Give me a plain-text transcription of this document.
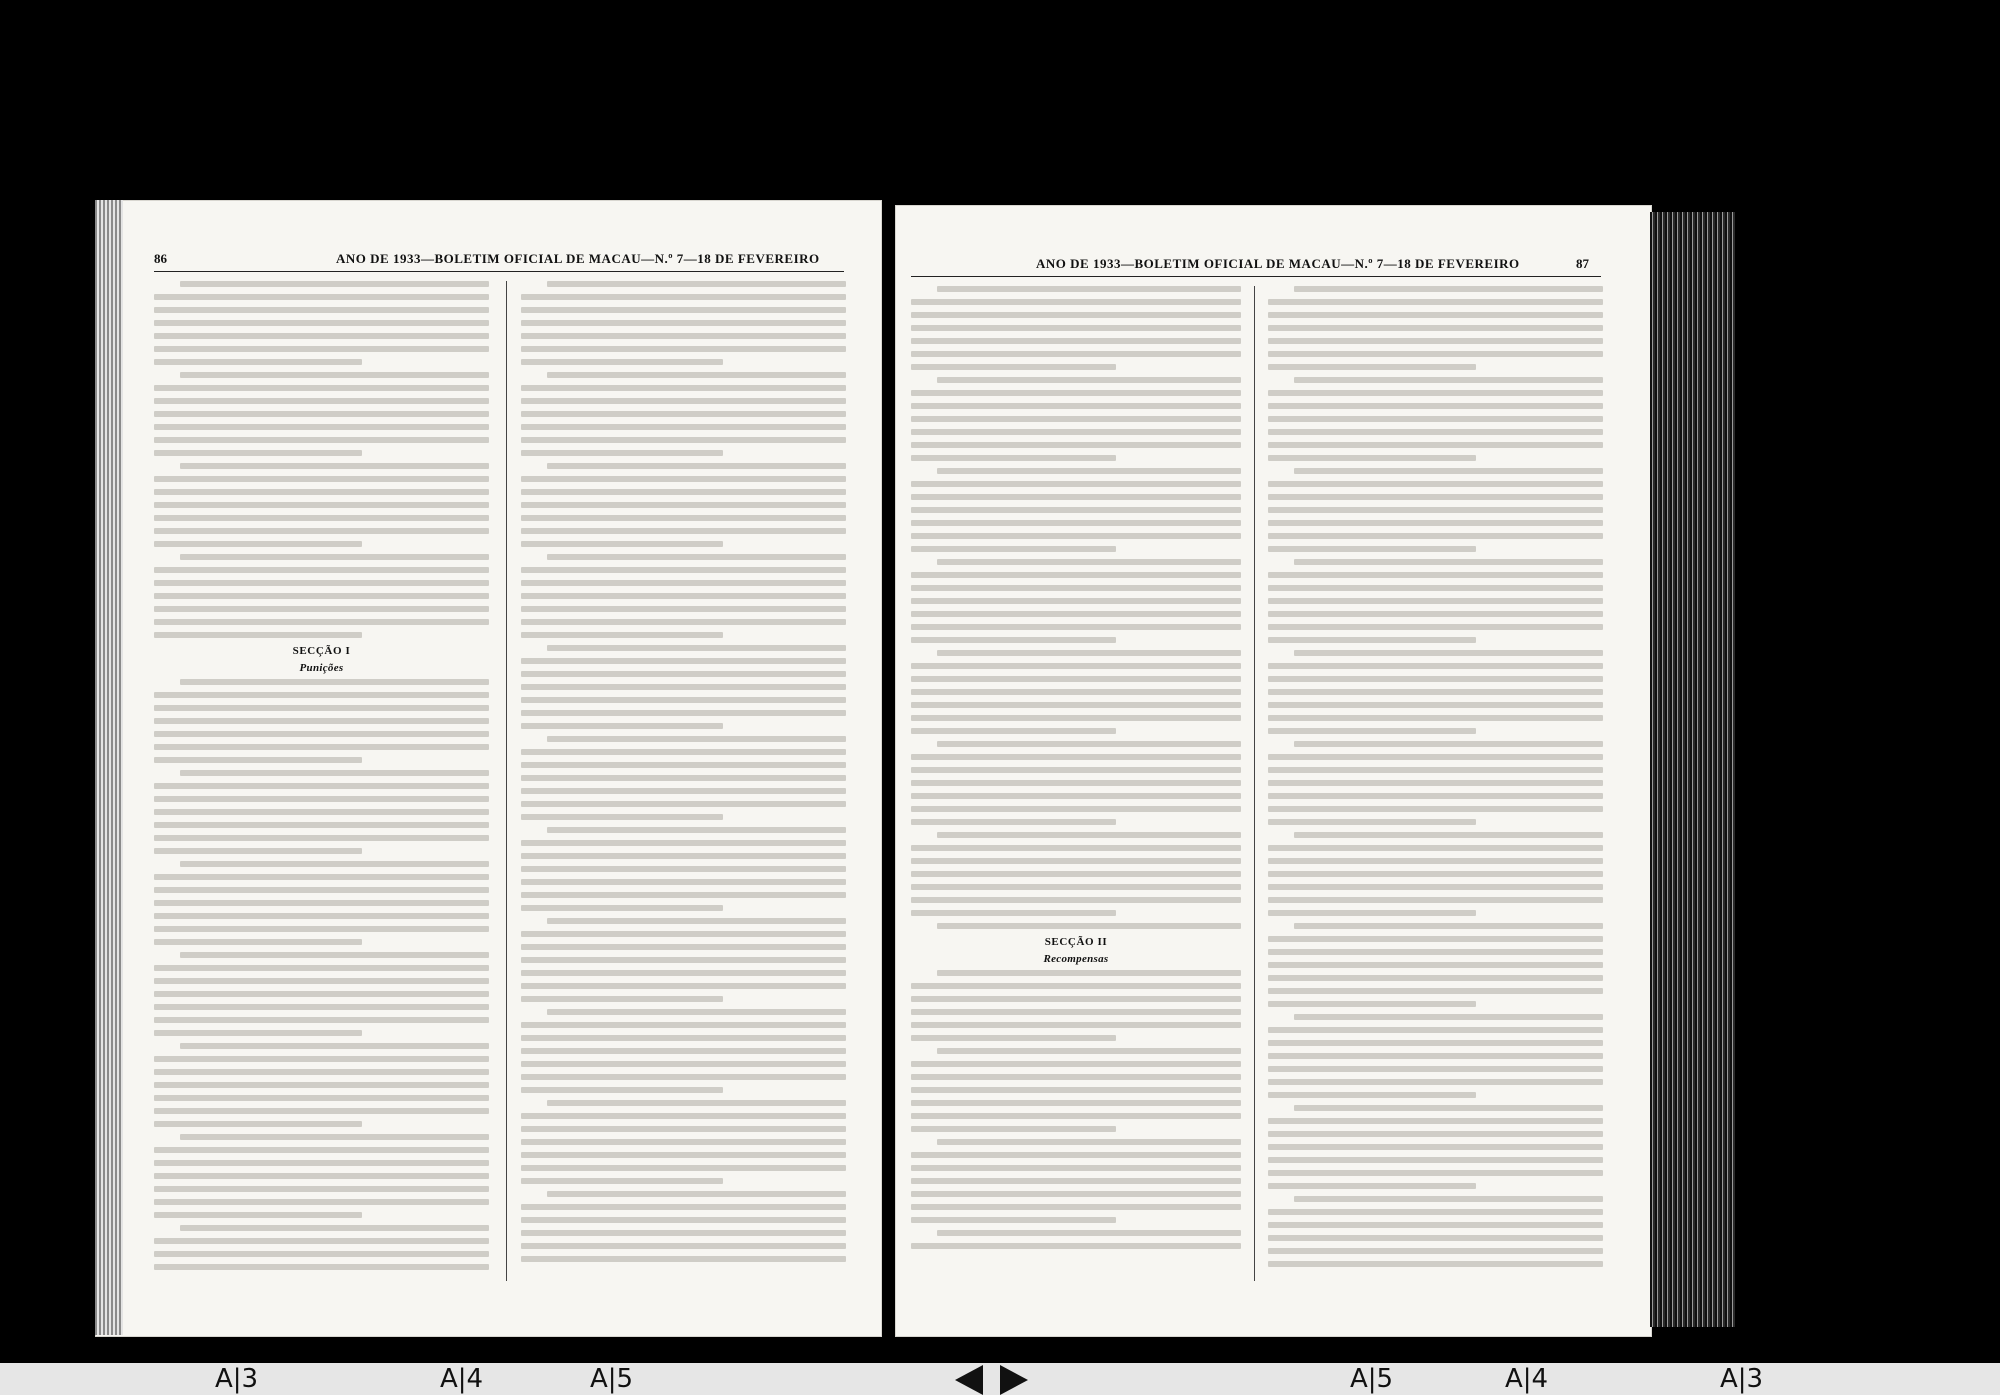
86	ANO DE 1933—BOLETIM OFICIAL DE MACAU—N.º 7—18 DE FEVEREIRO
SECÇÃO I
Punições
ANO DE 1933—BOLETIM OFICIAL DE MACAU—N.º 7—18 DE FEVEREIRO	87
SECÇÃO II
Recompensas
A|3	A|4	A|5	A|5	A|4	A|3
